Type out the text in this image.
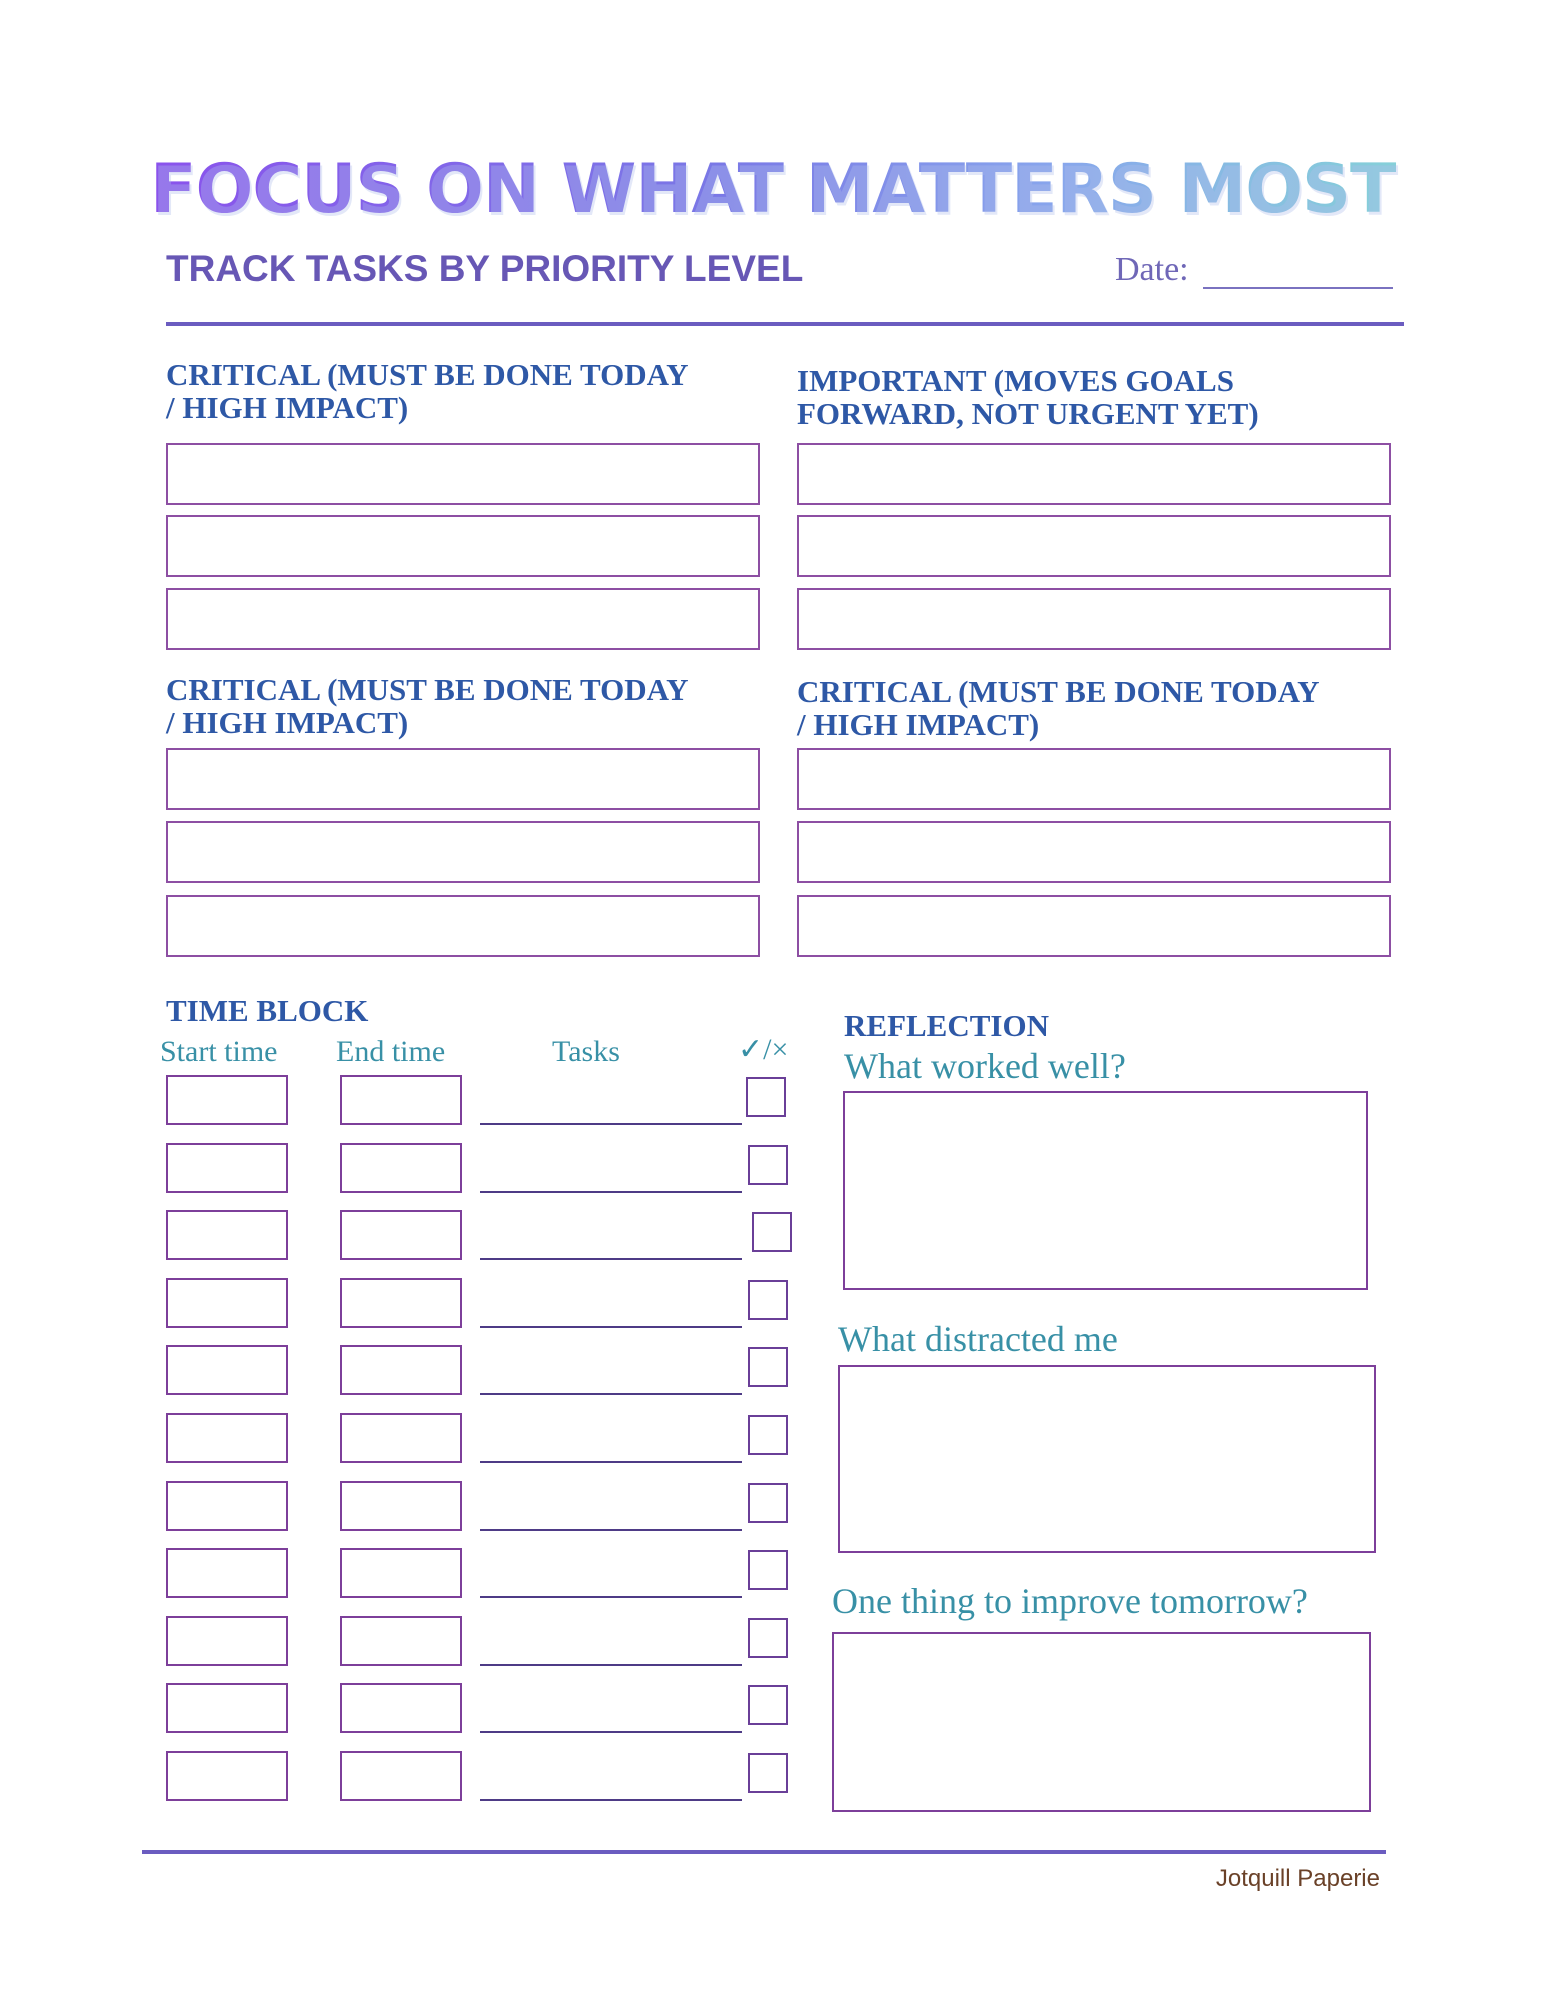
FOCUS ON WHAT MATTERS MOST
TRACK TASKS BY PRIORITY LEVEL	Date:
CRITICAL (MUST BE DONE TODAY
/ HIGH IMPACT)
IMPORTANT (MOVES GOALS
FORWARD, NOT URGENT YET)
CRITICAL (MUST BE DONE TODAY
/ HIGH IMPACT)
CRITICAL (MUST BE DONE TODAY
/ HIGH IMPACT)
TIME BLOCK
Start time End time	Tasks	✓/×
REFLECTION
What worked well?
What distracted me
One thing to improve tomorrow?
Jotquill Paperie
